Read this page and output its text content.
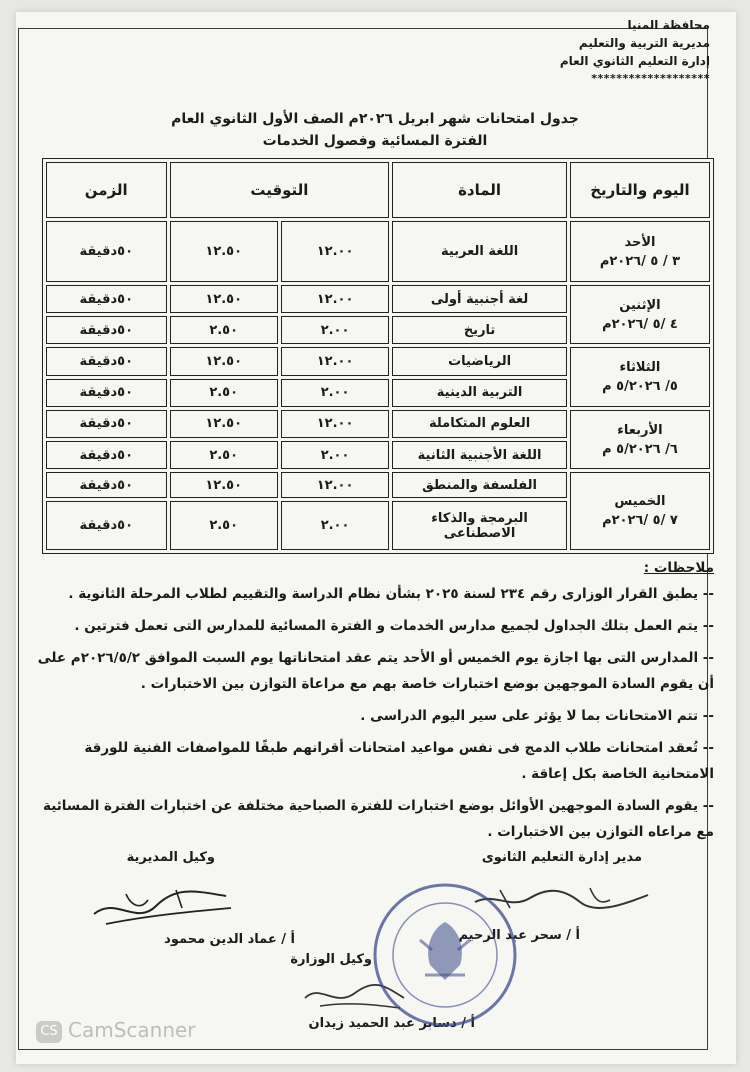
محافظة المنيا
مديرية التربية والتعليم
إدارة التعليم الثانوي العام
*******************
جدول امتحانات شهر ابريل ٢٠٢٦م الصف الأول الثانوي العام
الفترة المسائية وفصول الخدمات
اليوم والتاريخ	المادة	التوقيت		الزمن

الأحد
٣ / ٥ /٢٠٢٦م	اللغة العربية	١٢.٠٠	١٢.٥٠	٥٠دقيقة

الإثنين
٤ /٥ /٢٠٢٦م	لغة أجنبية أولى	١٢.٠٠	١٢.٥٠	٥٠دقيقة
	تاريخ	٢.٠٠	٢.٥٠	٥٠دقيقة

الثلاثاء
٥/ ٥/٢٠٢٦ م	الرياضيات	١٢.٠٠	١٢.٥٠	٥٠دقيقة
	التربية الدينية	٢.٠٠	٢.٥٠	٥٠دقيقة

الأربعاء
٦/ ٥/٢٠٢٦ م	العلوم المتكاملة	١٢.٠٠	١٢.٥٠	٥٠دقيقة
	اللغة الأجنبية الثانية	٢.٠٠	٢.٥٠	٥٠دقيقة

الخميس
٧ /٥ /٢٠٢٦م	الفلسفة والمنطق	١٢.٠٠	١٢.٥٠	٥٠دقيقة
	البرمجة والذكاء الاصطناعى	٢.٠٠	٢.٥٠	٥٠دقيقة
ملاحظات :

-- يطبق القرار الوزارى رقم ٢٣٤ لسنة ٢٠٢٥ بشأن نظام الدراسة والتقييم لطلاب المرحلة الثانوية .

-- يتم العمل بتلك الجداول لجميع مدارس الخدمات و الفترة المسائية للمدارس التى تعمل فترتين .

-- المدارس التى بها اجازة يوم الخميس أو الأحد يتم عقد امتحاناتها يوم السبت الموافق ٢٠٢٦/٥/٢م على أن يقوم السادة الموجهين بوضع اختبارات خاصة بهم مع مراعاة التوازن بين الاختبارات .

-- تتم الامتحانات بما لا يؤثر على سير اليوم الدراسى .

-- تُعقد امتحانات طلاب الدمج فى نفس مواعيد امتحانات أقرانهم طبقًا للمواصفات الفنية للورقة الامتحانية الخاصة بكل إعاقة .

-- يقوم السادة الموجهين الأوائل بوضع اختبارات للفترة الصباحية مختلفة عن اختبارات الفترة المسائية مع مراعاه التوازن بين الاختبارات .

مدير إدارة التعليم الثانوى
أ / سحر عبد الرحيم
وكيل المديرية
أ / عماد الدين محمود
وكيل الوزارة
أ / دسابر عبد الحميد زيدان
CS CamScanner
